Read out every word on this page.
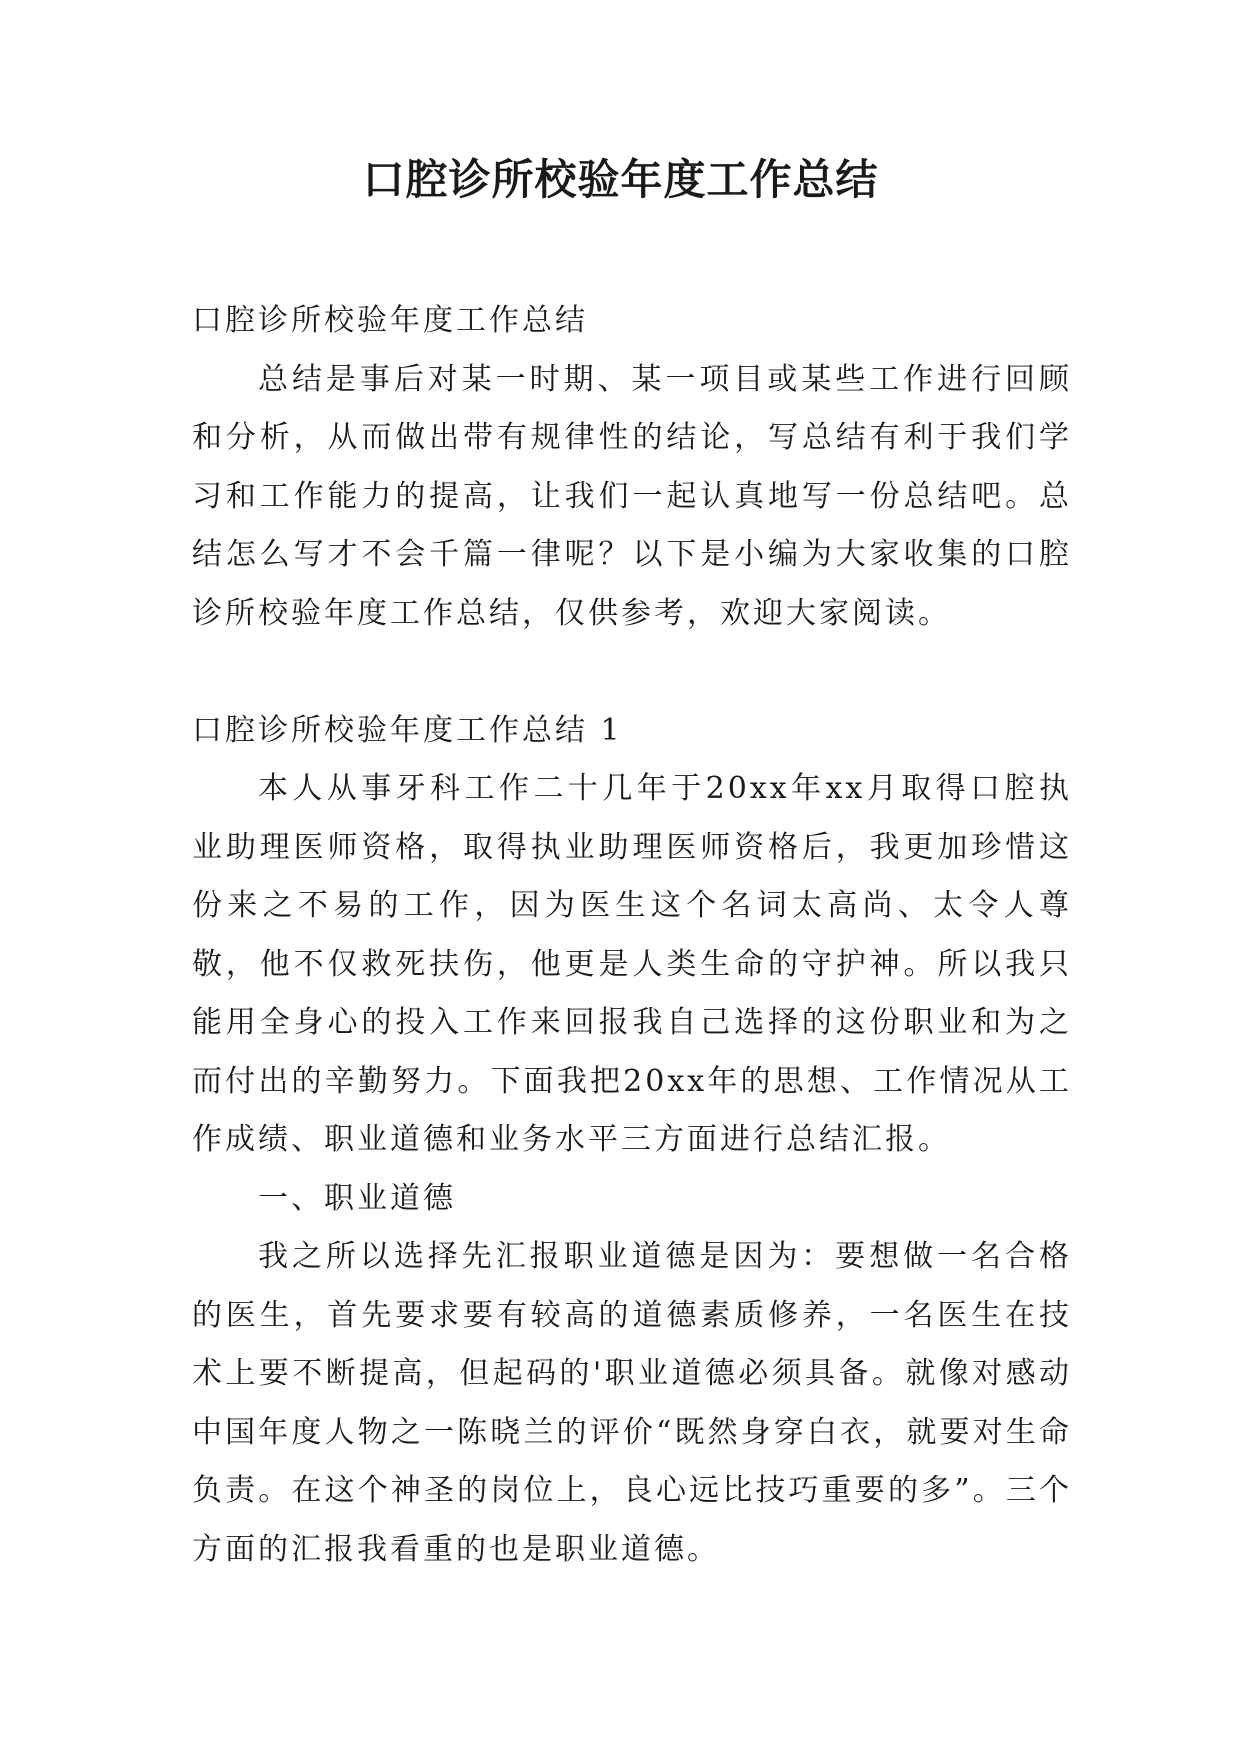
口腔诊所校验年度工作总结

口腔诊所校验年度工作总结

总结是事后对某一时期、某一项目或某些工作进行回顾和分析，从而做出带有规律性的结论，写总结有利于我们学习和工作能力的提高，让我们一起认真地写一份总结吧。总结怎么写才不会千篇一律呢？以下是小编为大家收集的口腔诊所校验年度工作总结，仅供参考，欢迎大家阅读。

口腔诊所校验年度工作总结 1

本人从事牙科工作二十几年于20xx年xx月取得口腔执业助理医师资格，取得执业助理医师资格后，我更加珍惜这份来之不易的工作，因为医生这个名词太高尚、太令人尊敬，他不仅救死扶伤，他更是人类生命的守护神。所以我只能用全身心的投入工作来回报我自己选择的这份职业和为之而付出的辛勤努力。下面我把20xx年的思想、工作情况从工作成绩、职业道德和业务水平三方面进行总结汇报。

一、职业道德

我之所以选择先汇报职业道德是因为：要想做一名合格的医生，首先要求要有较高的道德素质修养，一名医生在技术上要不断提高，但起码的'职业道德必须具备。就像对感动中国年度人物之一陈晓兰的评价“既然身穿白衣，就要对生命负责。在这个神圣的岗位上，良心远比技巧重要的多”。三个方面的汇报我看重的也是职业道德。
